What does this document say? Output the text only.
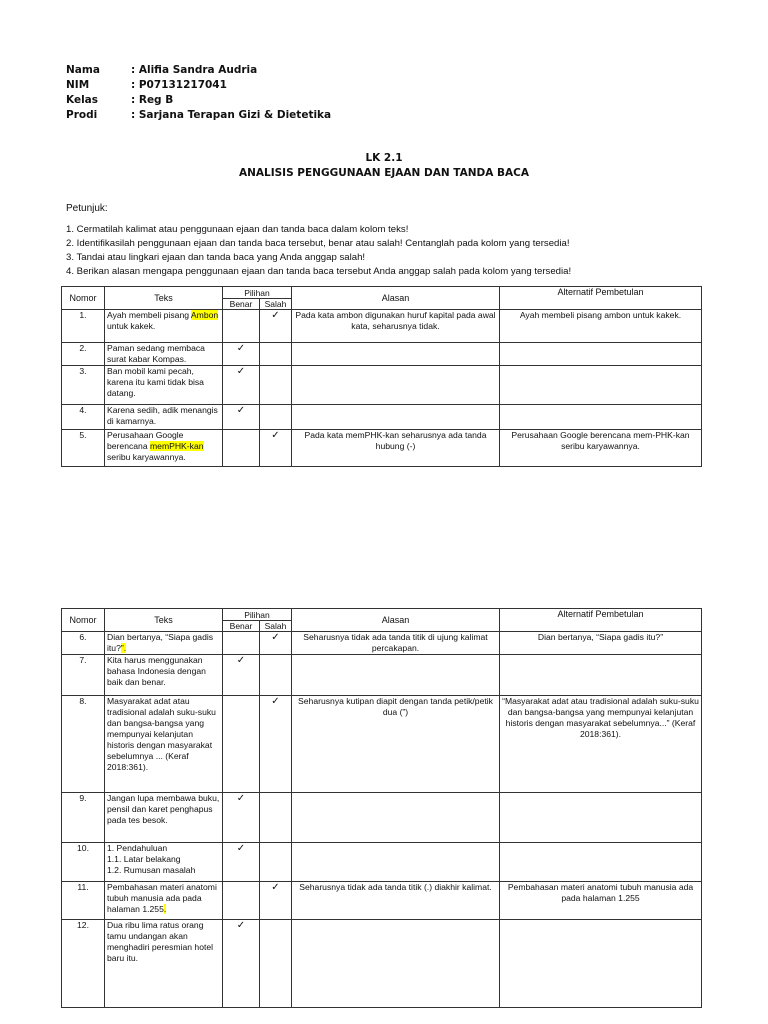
Nama	: Alifia Sandra Audria
NIM	: P07131217041
Kelas	: Reg B
Prodi	: Sarjana Terapan Gizi & Dietetika
LK 2.1
ANALISIS PENGGUNAAN EJAAN DAN TANDA BACA
Petunjuk:
1. Cermatilah kalimat atau penggunaan ejaan dan tanda baca dalam kolom teks!
2. Identifikasilah penggunaan ejaan dan tanda baca tersebut, benar atau salah! Centanglah pada kolom yang tersedia!
3. Tandai atau lingkari ejaan dan tanda baca yang Anda anggap salah!
4. Berikan alasan mengapa penggunaan ejaan dan tanda baca tersebut Anda anggap salah pada kolom yang tersedia!
Nomor	Teks	Pilihan		Alasan	Alternatif Pembetulan
		Benar	Salah		
1.	Ayah membeli pisang Ambon untuk kakek.		✓	Pada kata ambon digunakan huruf kapital pada awal kata, seharusnya tidak.	Ayah membeli pisang ambon untuk kakek.
2.	Paman sedang membaca surat kabar Kompas.	✓			
3.	Ban mobil kami pecah, karena itu kami tidak bisa datang.	✓			
4.	Karena sedih, adik menangis di kamarnya.	✓			
5.	Perusahaan Google berencana memPHK-kan seribu karyawannya.		✓	Pada kata memPHK-kan seharusnya ada tanda hubung (-)	Perusahaan Google berencana mem-PHK-kan seribu karyawannya.
Nomor	Teks	Pilihan		Alasan	Alternatif Pembetulan
		Benar	Salah		
6.	Dian bertanya, “Siapa gadis itu?”.		✓	Seharusnya tidak ada tanda titik di ujung kalimat percakapan.	Dian bertanya, “Siapa gadis itu?”
7.	Kita harus menggunakan bahasa Indonesia dengan baik dan benar.	✓			
8.	Masyarakat adat atau tradisional adalah suku-suku dan bangsa-bangsa yang mempunyai kelanjutan historis dengan masyarakat sebelumnya ... (Keraf 2018:361).		✓	Seharusnya kutipan diapit dengan tanda petik/petik dua (”)	“Masyarakat adat atau tradisional adalah suku-suku dan bangsa-bangsa yang mempunyai kelanjutan historis dengan masyarakat sebelumnya...” (Keraf 2018:361).
9.	Jangan lupa membawa buku, pensil dan karet penghapus pada tes besok.	✓			
10.	1. Pendahuluan
1.1. Latar belakang
1.2. Rumusan masalah	✓			
11.	Pembahasan materi anatomi tubuh manusia ada pada halaman 1.255.		✓	Seharusnya tidak ada tanda titik (.) diakhir kalimat.	Pembahasan materi anatomi tubuh manusia ada pada halaman 1.255
12.	Dua ribu lima ratus orang tamu undangan akan menghadiri peresmian hotel baru itu.	✓			
